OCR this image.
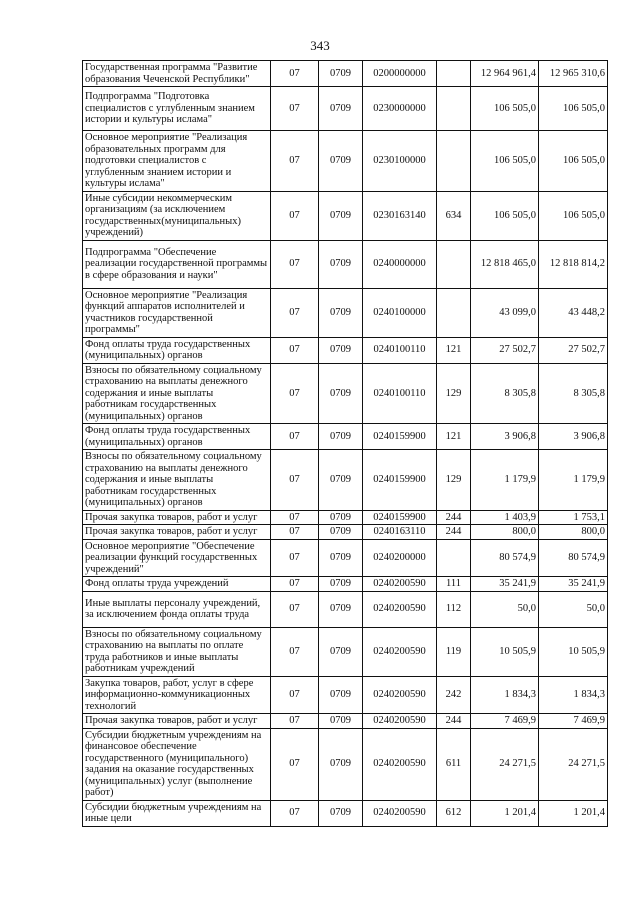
343
Государственная программа "Развитие образования Чеченской Республики"	07	0709	0200000000		12 964 961,4	12 965 310,6
Подпрограмма "Подготовка специалистов с углубленным знанием истории и культуры ислама"	07	0709	0230000000		106 505,0	106 505,0
Основное мероприятие "Реализация образовательных программ для подготовки специалистов с углубленным знанием истории и культуры ислама"	07	0709	0230100000		106 505,0	106 505,0
Иные субсидии некоммерческим организациям (за исключением государственных(муниципальных) учреждений)	07	0709	0230163140	634	106 505,0	106 505,0
Подпрограмма "Обеспечение реализации государственной программы в сфере образования и науки"	07	0709	0240000000		12 818 465,0	12 818 814,2
Основное мероприятие "Реализация функций аппаратов исполнителей и участников государственной программы"	07	0709	0240100000		43 099,0	43 448,2
Фонд оплаты труда государственных (муниципальных) органов	07	0709	0240100110	121	27 502,7	27 502,7
Взносы по обязательному социальному страхованию на выплаты денежного содержания и иные выплаты работникам государственных (муниципальных) органов	07	0709	0240100110	129	8 305,8	8 305,8
Фонд оплаты труда государственных (муниципальных) органов	07	0709	0240159900	121	3 906,8	3 906,8
Взносы по обязательному социальному страхованию на выплаты денежного содержания и иные выплаты работникам государственных (муниципальных) органов	07	0709	0240159900	129	1 179,9	1 179,9
Прочая закупка товаров, работ и услуг	07	0709	0240159900	244	1 403,9	1 753,1
Прочая закупка товаров, работ и услуг	07	0709	0240163110	244	800,0	800,0
Основное мероприятие "Обеспечение реализации функций государственных учреждений"	07	0709	0240200000		80 574,9	80 574,9
Фонд оплаты труда учреждений	07	0709	0240200590	111	35 241,9	35 241,9
Иные выплаты персоналу учреждений, за исключением фонда оплаты труда	07	0709	0240200590	112	50,0	50,0
Взносы по обязательному социальному страхованию на выплаты по оплате труда работников и иные выплаты работникам учреждений	07	0709	0240200590	119	10 505,9	10 505,9
Закупка товаров, работ, услуг в сфере информационно-коммуникационных технологий	07	0709	0240200590	242	1 834,3	1 834,3
Прочая закупка товаров, работ и услуг	07	0709	0240200590	244	7 469,9	7 469,9
Субсидии бюджетным учреждениям на финансовое обеспечение государственного (муниципального) задания на оказание государственных (муниципальных) услуг (выполнение работ)	07	0709	0240200590	611	24 271,5	24 271,5
Субсидии бюджетным учреждениям на иные цели	07	0709	0240200590	612	1 201,4	1 201,4
